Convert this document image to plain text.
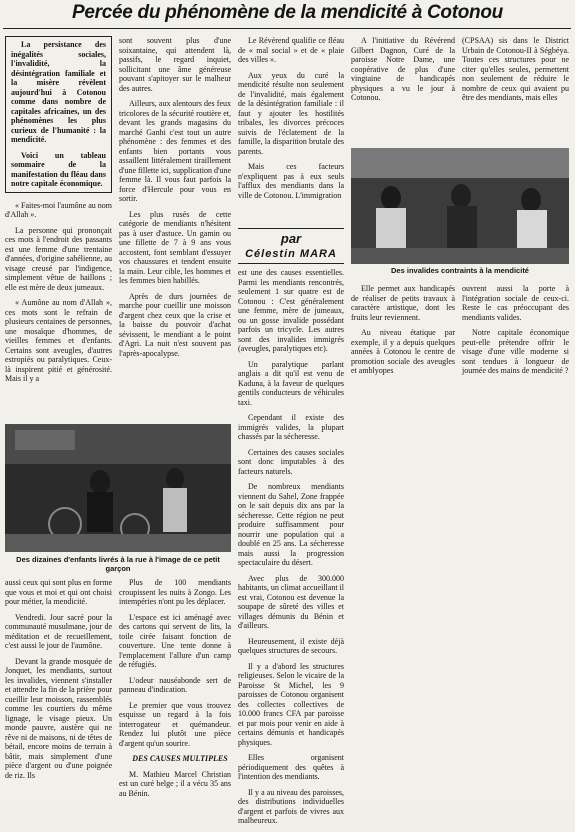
Percée du phénomène de la mendicité à Cotonou

La persistance des inégalités sociales, l'invalidité, la désintégration familiale et la misère révèlent aujourd'hui à Cotonou comme dans nombre de capitales africaines, un des phénomènes les plus curieux de l'humanité : la mendicité.

Voici un tableau sommaire de la manifestation du fléau dans notre capitale économique.

« Faites-moi l'aumône au nom d'Allah ».

La personne qui prononçait ces mots à l'endroit des passants est une femme d'une trentaine d'années, d'origine sahélienne, au visage creusé par l'indigence, simplement vêtue de haillons ; elle est mère de deux jumeaux.

« Aumône au nom d'Allah », ces mots sont le refrain de plusieurs centaines de personnes, une mosaïque d'hommes, de vieilles femmes et d'enfants. Certains sont aveugles, d'autres estropiés ou paralytiques. Ceux-là inspirent pitié et générosité. Mais il y a

sont souvent plus d'une soixantaine, qui attendent là, passifs, le regard inquiet, sollicitant une âme généreuse pouvant s'apitoyer sur le malheur des autres.

Ailleurs, aux alentours des feux tricolores de la sécurité routière et, devant les grands magasins du marché Ganhi c'est tout un autre phénomène : des femmes et des enfants bien portants vous assaillent littéralement tiraillement d'une fillette ici, supplication d'une femme là. Il vous faut parfois la force d'Hercule pour vous en sortir.

Les plus rusés de cette catégorie de mendiants n'hésitent pas à user d'astuce. Un gamin ou une fillette de 7 à 9 ans vous accostent, font semblant d'essuyer vos chaussures et tendent ensuite la main. Leur cible, les hommes et les femmes bien habillés.

Après de durs journées de marche pour cueillir une moisson d'argent chez ceux que la crise et la baisse du pouvoir d'achat sévissent, le mendiant a le point d'Agri. La nuit n'est souvent pas l'après-apocalypse.

Des dizaines d'enfants livrés à la rue à l'image de ce petit garçon

aussi ceux qui sont plus en forme que vous et moi et qui ont choisi pour métier, la mendicité.

Vendredi. Jour sacré pour la communauté musulmane, jour de méditation et de recueillement, c'est aussi le jour de l'aumône.

Devant la grande mosquée de Jonquet, les mendiants, surtout les invalides, viennent s'installer et attendre la fin de la prière pour cueillir leur moisson, rassemblés comme les courtiers du même lignage, le visage pieux. Un monde pauvre, austère qui ne rêve ni de maisons, ni de têtes de bétail, encore moins de terrain à bâtir, mais simplement d'une pièce d'argent ou d'une poignée de riz. Ils

Plus de 100 mendiants croupissent les nuits à Zongo. Les intempéries n'ont pu les déplacer.

L'espace est ici aménagé avec des cartons qui servent de lits, la toile cirée faisant fonction de couverture. Une tente donne à l'emplacement l'allure d'un camp de réfugiés.

L'odeur nauséabonde sert de panneau d'indication.

Le premier que vous trouvez esquisse un regard à la fois interrogateur et quémandeur. Rendez lui plutôt une pièce d'argent qu'un sourire.

DES CAUSES MULTIPLES

M. Mathieu Marcel Christian est un curé belge ; il a vécu 35 ans au Bénin.

Le Révérend qualifie ce fléau de « mal social » et de « plaie des villes ».

Aux yeux du curé la mendicité résulte non seulement de l'invalidité, mais également de la désintégration familiale : il faut y ajouter les hostilités tribales, les divorces précoces suivis de l'éclatement de la famille, la disparition brutale des parents.

Mais ces facteurs n'expliquent pas à eux seuls l'afflux des mendiants dans la ville de Cotonou. L'immigration

par
Célestin MARA

est une des causes essentielles. Parmi les mendiants rencontrés, seulement 1 sur quatre est de Cotonou : C'est généralement une femme, mère de jumeaux, ou un gosse invalide possédant parfois un tricycle. Les autres sont des invalides immigrés (aveugles, paralytiques etc).

Un paralytique parlant anglais a dit qu'il est venu de Kaduna, à la faveur de quelques gentils conducteurs de véhicules taxi.

Cependant il existe des immigrés valides, la plupart chassés par la sécheresse.

Certaines des causes sociales sont donc imputables à des facteurs naturels.

De nombreux mendiants viennent du Sahel, Zone frappée on le sait depuis dix ans par la sécheresse. Cette région ne peut produire suffisamment pour nourrir une population qui a doublé en 25 ans. La sécheresse mais aussi la progression spectaculaire du désert.

Avec plus de 300.000 habitants, un climat accueillant il est vrai, Cotonou est devenue la soupape de sûreté des villes et villages démunis du Bénin et d'ailleurs.

Heureusement, il existe déjà quelques structures de secours.

Il y a d'abord les structures religieuses. Selon le vicaire de la Paroisse St Michel, les 9 paroisses de Cotonou organisent des collectes collectives de 10.000 francs CFA par paroisse et par mois pour venir en aide à certains démunis et handicapés physiques.

Elles organisent périodiquement des quêtes à l'intention des mendiants.

Il y a au niveau des paroisses, des distributions individuelles d'argent et parfois de vivres aux malheureux.

A l'initiative du Révérend Gilbert Dagnon, Curé de la paroisse Notre Dame, une coopérative de plus d'une vingtaine de handicapés physiques a vu le jour à Cotonou.

(CPSAA) sis dans le District Urbain de Cotonou-II à Ségbéya. Toutes ces structures pour ne citer qu'elles seules, permettent non seulement de réduire le nombre de ceux qui avaient pu être des mendiants, mais elles

Des invalides contraints à la mendicité

Elle permet aux handicapés de réaliser de petits travaux à caractère artistique, dont les fruits leur reviennent.

Au niveau étatique par exemple, il y a depuis quelques années à Cotonou le centre de promotion sociale des aveugles et amblyopes

ouvrent aussi la porte à l'intégration sociale de ceux-ci. Reste le cas préoccupant des mendiants valides.

Notre capitale économique peut-elle prétendre offrir le visage d'une ville moderne si sont tendues à longueur de journée des mains de mendicité ?
